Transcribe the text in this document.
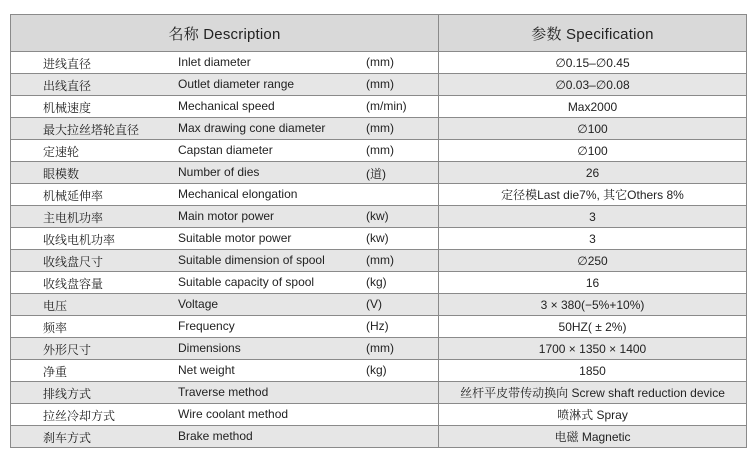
名称 Description	参数 Specification

进线直径 Inlet diameter (mm)	∅0.15–∅0.45

出线直径 Outlet diameter range (mm)	∅0.03–∅0.08

机械速度 Mechanical speed (m/min)	Max2000

最大拉丝塔轮直径 Max drawing cone diameter (mm)	∅100

定速轮 Capstan diameter (mm)	∅100

眼模数 Number of dies (道)	26

机械延伸率 Mechanical elongation	定径模Last die7%, 其它Others 8%

主电机功率 Main motor power (kw)	3

收线电机功率 Suitable motor power (kw)	3

收线盘尺寸 Suitable dimension of spool (mm)	∅250

收线盘容量 Suitable capacity of spool (kg)	16

电压 Voltage (V)	3 × 380(−5%+10%)

频率 Frequency (Hz)	50HZ( ± 2%)

外形尺寸 Dimensions (mm)	1700 × 1350 × 1400

净重 Net weight (kg)	1850

排线方式 Traverse method	丝杆平皮带传动换向 Screw shaft reduction device

拉丝冷却方式 Wire coolant method	喷淋式 Spray

刹车方式 Brake method	电磁 Magnetic
